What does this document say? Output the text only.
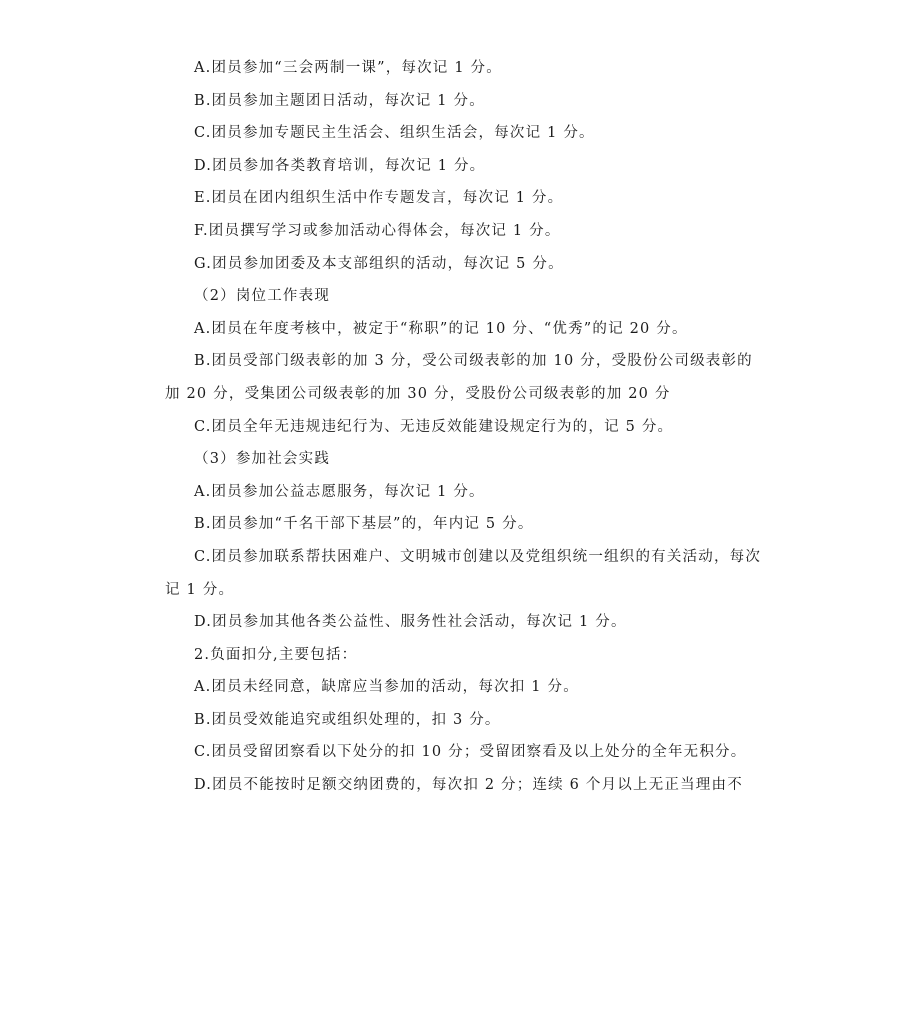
A.团员参加“三会两制一课”，每次记 1 分。

B.团员参加主题团日活动，每次记 1 分。

C.团员参加专题民主生活会、组织生活会，每次记 1 分。

D.团员参加各类教育培训，每次记 1 分。

E.团员在团内组织生活中作专题发言，每次记 1 分。

F.团员撰写学习或参加活动心得体会，每次记 1 分。

G.团员参加团委及本支部组织的活动，每次记 5 分。

（2）岗位工作表现

A.团员在年度考核中，被定于“称职”的记 10 分、“优秀”的记 20 分。

B.团员受部门级表彰的加 3 分，受公司级表彰的加 10 分，受股份公司级表彰的加 20 分，受集团公司级表彰的加 30 分，受股份公司级表彰的加 20 分

C.团员全年无违规违纪行为、无违反效能建设规定行为的，记 5 分。

（3）参加社会实践

A.团员参加公益志愿服务，每次记 1 分。

B.团员参加“千名干部下基层”的，年内记 5 分。

C.团员参加联系帮扶困难户、文明城市创建以及党组织统一组织的有关活动，每次记 1 分。

D.团员参加其他各类公益性、服务性社会活动，每次记 1 分。

2.负面扣分,主要包括：

A.团员未经同意，缺席应当参加的活动，每次扣 1 分。

B.团员受效能追究或组织处理的，扣 3 分。

C.团员受留团察看以下处分的扣 10 分；受留团察看及以上处分的全年无积分。

D.团员不能按时足额交纳团费的，每次扣 2 分；连续 6 个月以上无正当理由不
